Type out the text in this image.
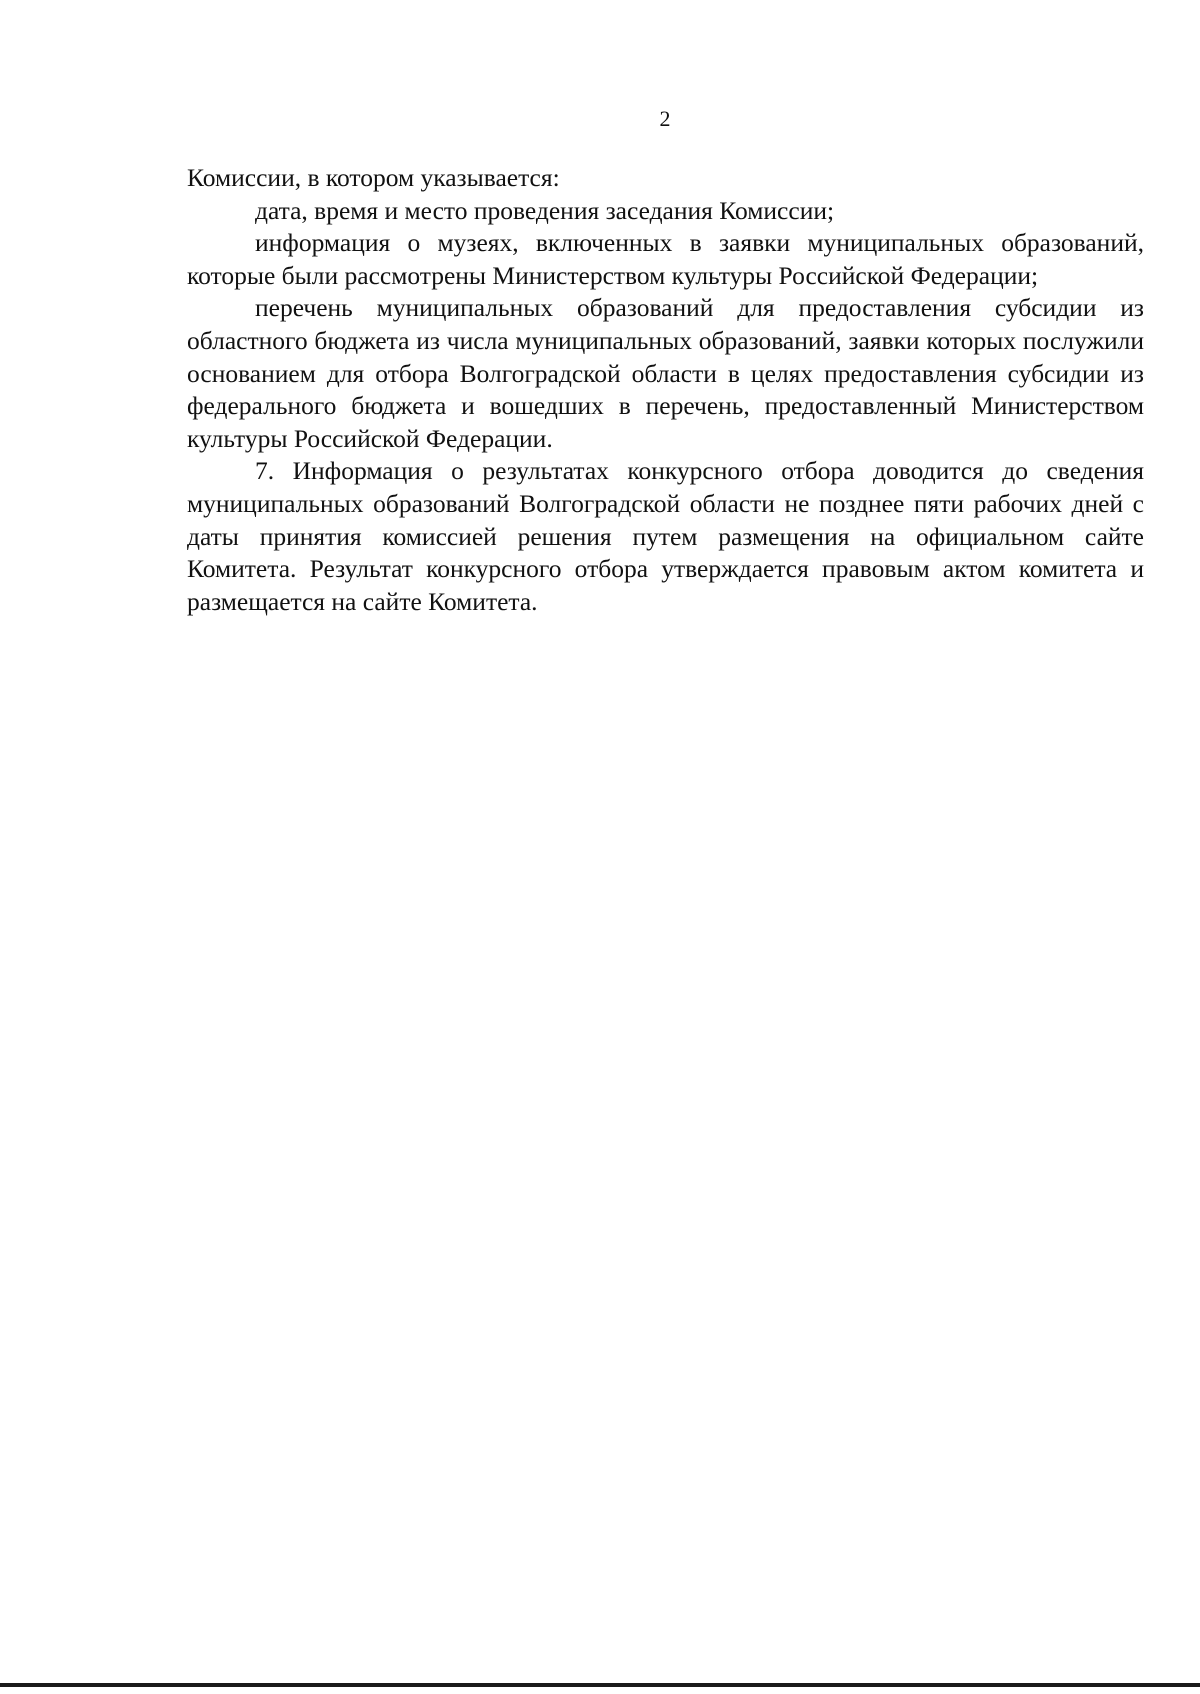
2

Комиссии, в котором указывается:

дата, время и место проведения заседания Комиссии;

информация о музеях, включенных в заявки муниципальных образований, которые были рассмотрены Министерством культуры Российской Федерации;

перечень муниципальных образований для предоставления субсидии из областного бюджета из числа муниципальных образований, заявки которых послужили основанием для отбора Волгоградской области в целях предоставления субсидии из федерального бюджета и вошедших в перечень, предоставленный Министерством культуры Российской Федерации.

7. Информация о результатах конкурсного отбора доводится до сведения муниципальных образований Волгоградской области не позднее пяти рабочих дней с даты принятия комиссией решения путем размещения на официальном сайте Комитета. Результат конкурсного отбора утверждается правовым актом комитета и размещается на сайте Комитета.
